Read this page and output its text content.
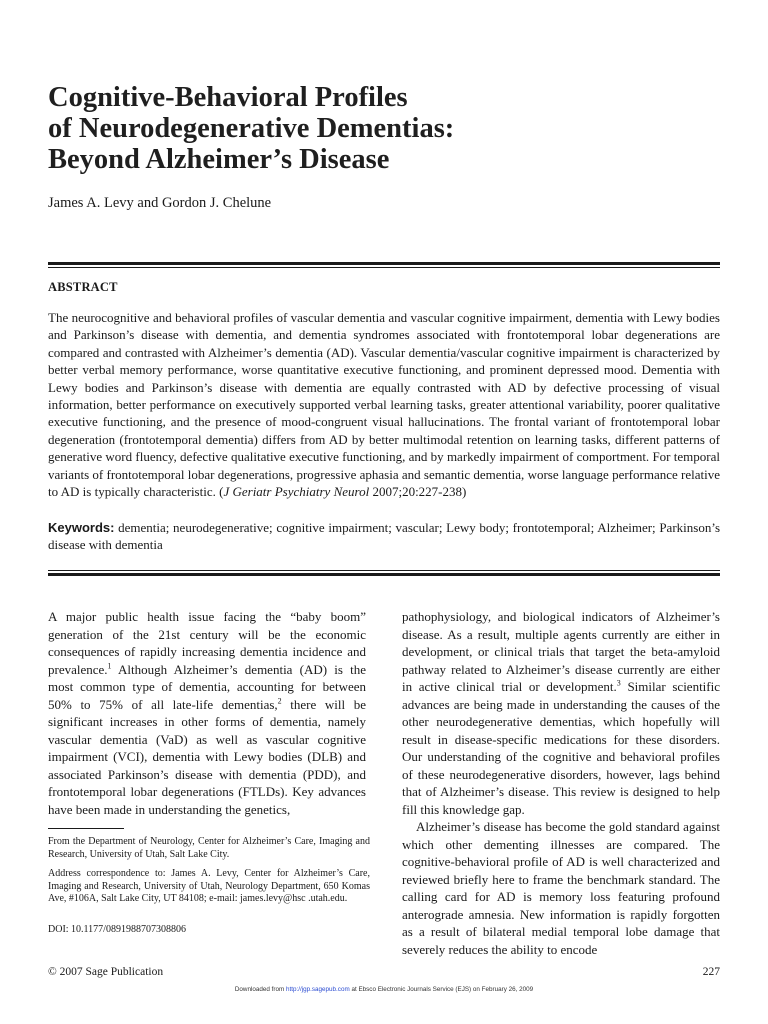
Cognitive-Behavioral Profiles
of Neurodegenerative Dementias:
Beyond Alzheimer’s Disease
James A. Levy and Gordon J. Chelune
ABSTRACT

The neurocognitive and behavioral profiles of vascular dementia and vascular cognitive impairment, dementia with Lewy bodies and Parkinson’s disease with dementia, and dementia syndromes associated with frontotemporal lobar degenerations are compared and contrasted with Alzheimer’s dementia (AD). Vascular dementia/vascular cognitive impairment is characterized by better verbal memory performance, worse quantitative executive functioning, and prominent depressed mood. Dementia with Lewy bodies and Parkinson’s disease with dementia are equally contrasted with AD by defective processing of visual information, better performance on executively supported verbal learning tasks, greater attentional variability, poorer qualitative executive functioning, and the presence of mood-congruent visual hallucinations. The frontal variant of frontotemporal lobar degeneration (frontotemporal dementia) differs from AD by better multimodal retention on learning tasks, different patterns of generative word fluency, defective qualitative executive functioning, and by markedly impairment of comportment. For temporal variants of frontotemporal lobar degenerations, progressive aphasia and semantic dementia, worse language performance relative to AD is typically characteristic. (J Geriatr Psychiatry Neurol 2007;20:227-238)

Keywords: dementia; neurodegenerative; cognitive impairment; vascular; Lewy body; frontotemporal; Alzheimer; Parkinson’s disease with dementia

A major public health issue facing the “baby boom” generation of the 21st century will be the economic consequences of rapidly increasing dementia incidence and prevalence.$^1$ Although Alzheimer’s dementia (AD) is the most common type of dementia, accounting for between 50% to 75% of all late-life dementias,$^2$ there will be significant increases in other forms of dementia, namely vascular dementia (VaD) as well as vascular cognitive impairment (VCI), dementia with Lewy bodies (DLB) and associated Parkinson’s disease with dementia (PDD), and frontotemporal lobar degenerations (FTLDs). Key advances have been made in understanding the genetics,

pathophysiology, and biological indicators of Alzheimer’s disease. As a result, multiple agents currently are either in development, or clinical trials that target the beta-amyloid pathway related to Alzheimer’s disease currently are either in active clinical trial or development.$^3$ Similar scientific advances are being made in understanding the causes of the other neurodegenerative dementias, which hopefully will result in disease-specific medications for these disorders. Our understanding of the cognitive and behavioral profiles of these neurodegenerative disorders, however, lags behind that of Alzheimer’s disease. This review is designed to help fill this knowledge gap.

Alzheimer’s disease has become the gold standard against which other dementing illnesses are compared. The cognitive-behavioral profile of AD is well characterized and reviewed briefly here to frame the benchmark standard. The calling card for AD is memory loss featuring profound anterograde amnesia. New information is rapidly forgotten as a result of bilateral medial temporal lobe damage that severely reduces the ability to encode

From the Department of Neurology, Center for Alzheimer’s Care, Imaging and Research, University of Utah, Salt Lake City.

Address correspondence to: James A. Levy, Center for Alzheimer’s Care, Imaging and Research, University of Utah, Neurology Department, 650 Komas Ave, #106A, Salt Lake City, UT 84108; e-mail: james.levy@hsc .utah.edu.

DOI: 10.1177/0891988707308806

© 2007 Sage Publication	227
Downloaded from http://jgp.sagepub.com at Ebsco Electronic Journals Service (EJS) on February 26, 2009
